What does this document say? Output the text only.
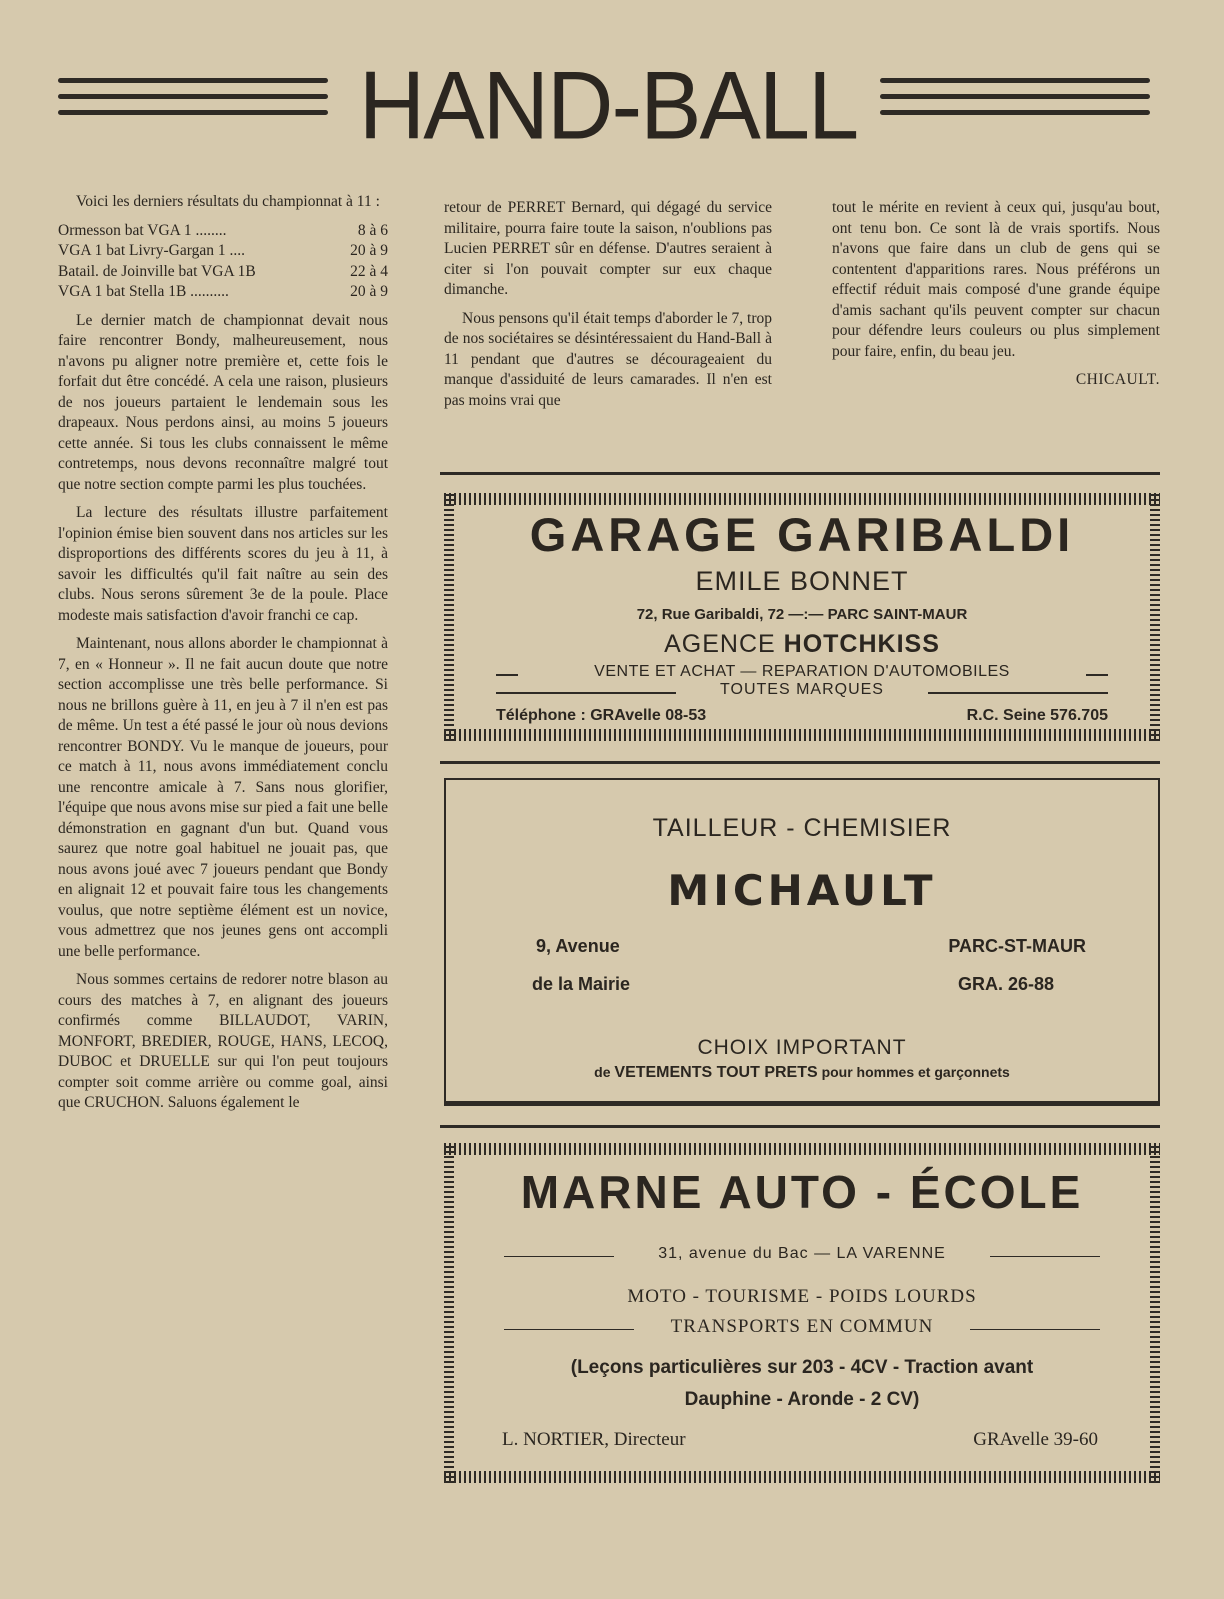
HAND-BALL

Voici les derniers résultats du championnat à 11 :

Ormesson bat VGA 1 ........	8 à 6
VGA 1 bat Livry-Gargan 1 ....	20 à 9
Batail. de Joinville bat VGA 1B	22 à 4
VGA 1 bat Stella 1B ..........	20 à 9

Le dernier match de championnat devait nous faire rencontrer Bondy, malheureusement, nous n'avons pu aligner notre première et, cette fois le forfait dut être concédé. A cela une raison, plusieurs de nos joueurs partaient le lendemain sous les drapeaux. Nous perdons ainsi, au moins 5 joueurs cette année. Si tous les clubs connaissent le même contretemps, nous devons reconnaître malgré tout que notre section compte parmi les plus touchées.

La lecture des résultats illustre parfaitement l'opinion émise bien souvent dans nos articles sur les disproportions des différents scores du jeu à 11, à savoir les difficultés qu'il fait naître au sein des clubs. Nous serons sûrement 3e de la poule. Place modeste mais satisfaction d'avoir franchi ce cap.

Maintenant, nous allons aborder le championnat à 7, en « Honneur ». Il ne fait aucun doute que notre section accomplisse une très belle performance. Si nous ne brillons guère à 11, en jeu à 7 il n'en est pas de même. Un test a été passé le jour où nous devions rencontrer BONDY. Vu le manque de joueurs, pour ce match à 11, nous avons immédiatement conclu une rencontre amicale à 7. Sans nous glorifier, l'équipe que nous avons mise sur pied a fait une belle démonstration en gagnant d'un but. Quand vous saurez que notre goal habituel ne jouait pas, que nous avons joué avec 7 joueurs pendant que Bondy en alignait 12 et pouvait faire tous les changements voulus, que notre septième élément est un novice, vous admettrez que nos jeunes gens ont accompli une belle performance.

Nous sommes certains de redorer notre blason au cours des matches à 7, en alignant des joueurs confirmés comme BILLAUDOT, VARIN, MONFORT, BREDIER, ROUGE, HANS, LECOQ, DUBOC et DRUELLE sur qui l'on peut toujours compter soit comme arrière ou comme goal, ainsi que CRUCHON. Saluons également le

retour de PERRET Bernard, qui dégagé du service militaire, pourra faire toute la saison, n'oublions pas Lucien PERRET sûr en défense. D'autres seraient à citer si l'on pouvait compter sur eux chaque dimanche.

Nous pensons qu'il était temps d'aborder le 7, trop de nos sociétaires se désintéressaient du Hand-Ball à 11 pendant que d'autres se décourageaient du manque d'assiduité de leurs camarades. Il n'en est pas moins vrai que

tout le mérite en revient à ceux qui, jusqu'au bout, ont tenu bon. Ce sont là de vrais sportifs. Nous n'avons que faire dans un club de gens qui se contentent d'apparitions rares. Nous préférons un effectif réduit mais composé d'une grande équipe d'amis sachant qu'ils peuvent compter sur chacun pour défendre leurs couleurs ou plus simplement pour faire, enfin, du beau jeu.

CHICAULT.
GARAGE GARIBALDI
EMILE BONNET
72, Rue Garibaldi, 72 —:— PARC SAINT-MAUR
AGENCE HOTCHKISS
VENTE ET ACHAT — REPARATION D'AUTOMOBILES
TOUTES MARQUES
Téléphone : GRAvelle 08-53	R.C. Seine 576.705
TAILLEUR - CHEMISIER
MICHAULT
9, Avenue
de la Mairie
PARC-ST-MAUR
GRA. 26-88
CHOIX IMPORTANT
de VETEMENTS TOUT PRETS pour hommes et garçonnets
MARNE AUTO - ÉCOLE
31, avenue du Bac — LA VARENNE
MOTO - TOURISME - POIDS LOURDS
TRANSPORTS EN COMMUN
(Leçons particulières sur 203 - 4CV - Traction avant
Dauphine - Aronde - 2 CV)
L. NORTIER, Directeur	GRAvelle 39-60
